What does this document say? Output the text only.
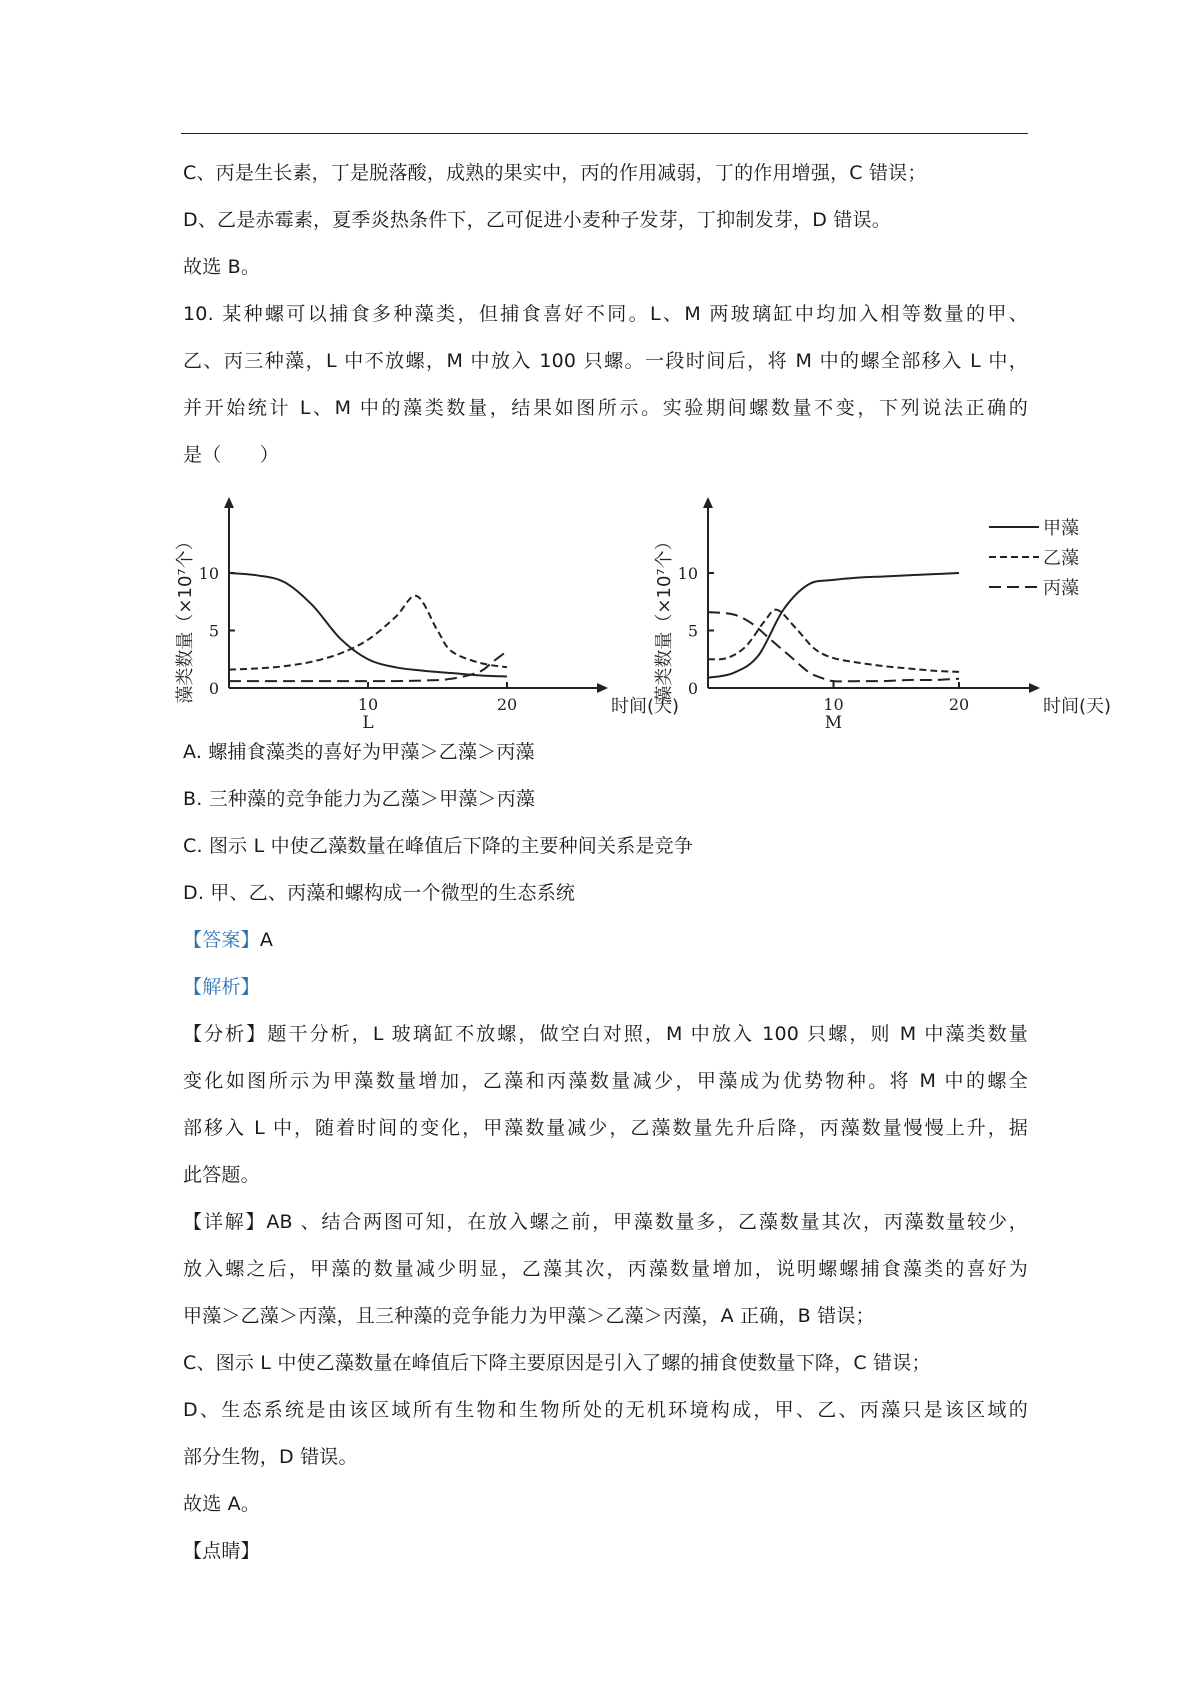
C、丙是生长素，丁是脱落酸，成熟的果实中，丙的作用减弱，丁的作用增强，C 错误；
D、乙是赤霉素，夏季炎热条件下，乙可促进小麦种子发芽，丁抑制发芽，D 错误。
故选 B。
10. 某种螺可以捕食多种藻类，但捕食喜好不同。L、M 两玻璃缸中均加入相等数量的甲、
乙、丙三种藻，L 中不放螺，M 中放入 100 只螺。一段时间后，将 M 中的螺全部移入 L 中，
并开始统计 L、M 中的藻类数量，结果如图所示。实验期间螺数量不变，下列说法正确的
是（　　）
0
5
10
10	20	时间(天)
藻类数量（×10⁷个）
L
0
5
10
10	20	时间(天)
藻类数量（×10⁷个）
M
甲藻
乙藻
丙藻
A. 螺捕食藻类的喜好为甲藻＞乙藻＞丙藻
B. 三种藻的竞争能力为乙藻＞甲藻＞丙藻
C. 图示 L 中使乙藻数量在峰值后下降的主要种间关系是竞争
D. 甲、乙、丙藻和螺构成一个微型的生态系统
【答案】A
【解析】
【分析】题干分析，L 玻璃缸不放螺，做空白对照，M 中放入 100 只螺，则 M 中藻类数量
变化如图所示为甲藻数量增加，乙藻和丙藻数量减少，甲藻成为优势物种。将 M 中的螺全
部移入 L 中，随着时间的变化，甲藻数量减少，乙藻数量先升后降，丙藻数量慢慢上升，据
此答题。
【详解】AB 、结合两图可知，在放入螺之前，甲藻数量多，乙藻数量其次，丙藻数量较少，
放入螺之后，甲藻的数量减少明显，乙藻其次，丙藻数量增加，说明螺螺捕食藻类的喜好为
甲藻＞乙藻＞丙藻，且三种藻的竞争能力为甲藻＞乙藻＞丙藻，A 正确，B 错误；
C、图示 L 中使乙藻数量在峰值后下降主要原因是引入了螺的捕食使数量下降，C 错误；
D、生态系统是由该区域所有生物和生物所处的无机环境构成，甲、乙、丙藻只是该区域的
部分生物，D 错误。
故选 A。
【点睛】
